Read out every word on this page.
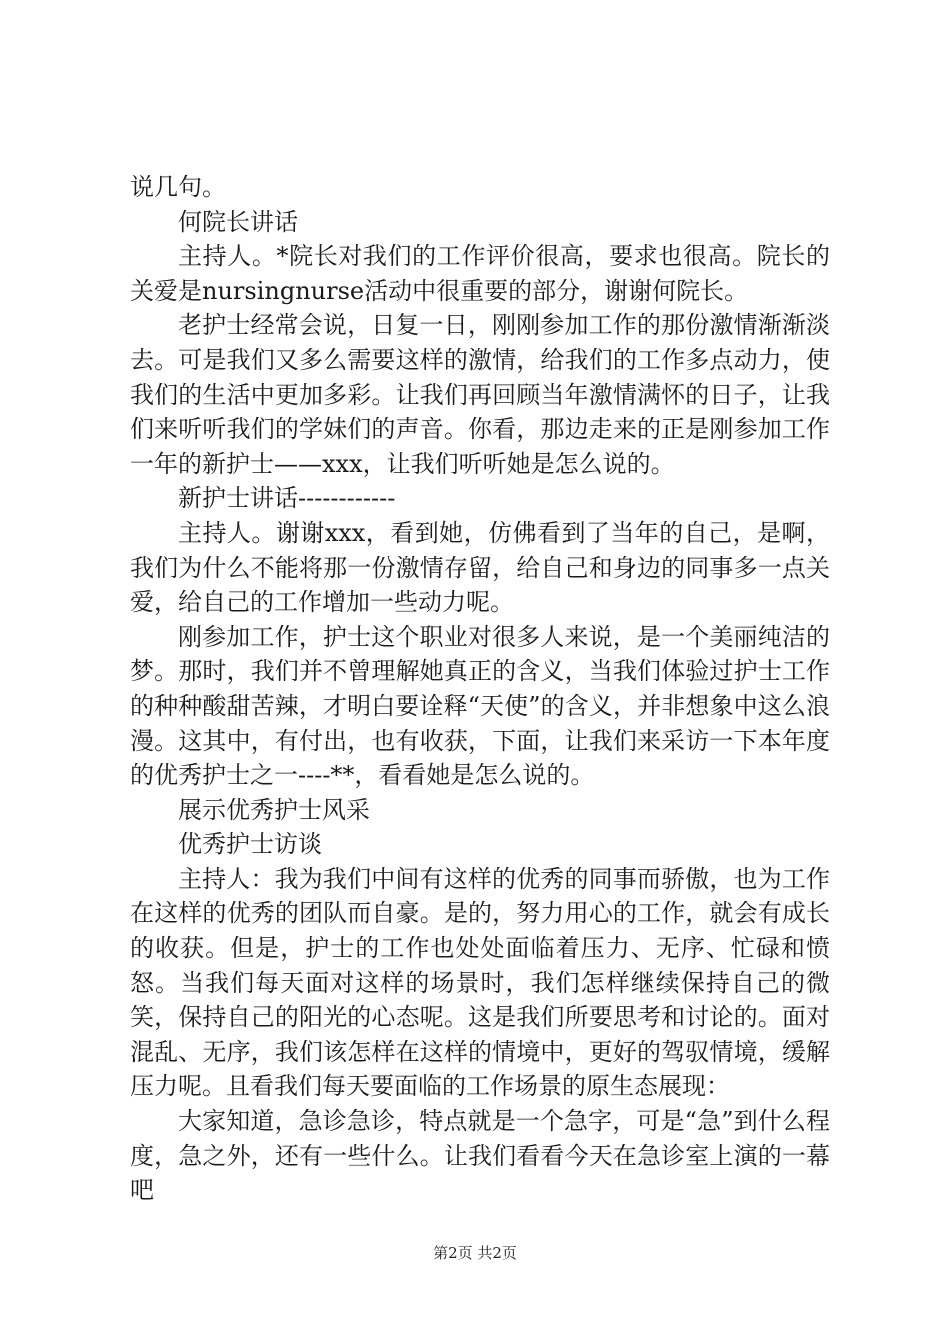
说几句。

何院长讲话

主持人。*院长对我们的工作评价很高，要求也很高。院长的关爱是nursingnurse活动中很重要的部分，谢谢何院长。

老护士经常会说，日复一日，刚刚参加工作的那份激情渐渐淡去。可是我们又多么需要这样的激情，给我们的工作多点动力，使我们的生活中更加多彩。让我们再回顾当年激情满怀的日子，让我们来听听我们的学妹们的声音。你看，那边走来的正是刚参加工作一年的新护士——xxx，让我们听听她是怎么说的。

新护士讲话------------

主持人。谢谢xxx，看到她，仿佛看到了当年的自己，是啊，我们为什么不能将那一份激情存留，给自己和身边的同事多一点关爱，给自己的工作增加一些动力呢。

刚参加工作，护士这个职业对很多人来说，是一个美丽纯洁的梦。那时，我们并不曾理解她真正的含义，当我们体验过护士工作的种种酸甜苦辣，才明白要诠释“天使”的含义，并非想象中这么浪漫。这其中，有付出，也有收获，下面，让我们来采访一下本年度的优秀护士之一----**，看看她是怎么说的。

展示优秀护士风采

优秀护士访谈

主持人：我为我们中间有这样的优秀的同事而骄傲，也为工作在这样的优秀的团队而自豪。是的，努力用心的工作，就会有成长的收获。但是，护士的工作也处处面临着压力、无序、忙碌和愤怒。当我们每天面对这样的场景时，我们怎样继续保持自己的微笑，保持自己的阳光的心态呢。这是我们所要思考和讨论的。面对混乱、无序，我们该怎样在这样的情境中，更好的驾驭情境，缓解压力呢。且看我们每天要面临的工作场景的原生态展现：

大家知道，急诊急诊，特点就是一个急字，可是“急”到什么程度，急之外，还有一些什么。让我们看看今天在急诊室上演的一幕吧

第2页 共2页
